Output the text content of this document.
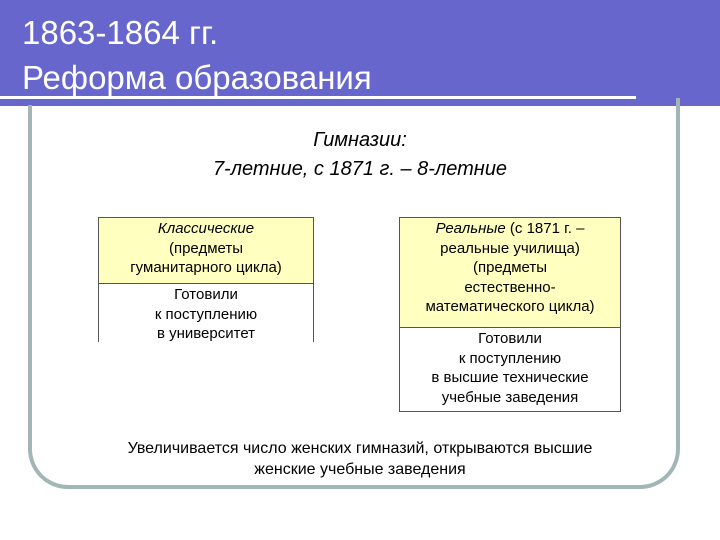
1863-1864 гг.
Реформа образования
Гимназии:
7-летние, с 1871 г. – 8-летние
Классические
(предметы
гуманитарного цикла)
Готовили
к поступлению
в университет
Реальные (с 1871 г. –
реальные училища)
(предметы
естественно-
математического цикла)
Готовили
к поступлению
в высшие технические
учебные заведения
Увеличивается число женских гимназий, открываются высшие
женские учебные заведения
